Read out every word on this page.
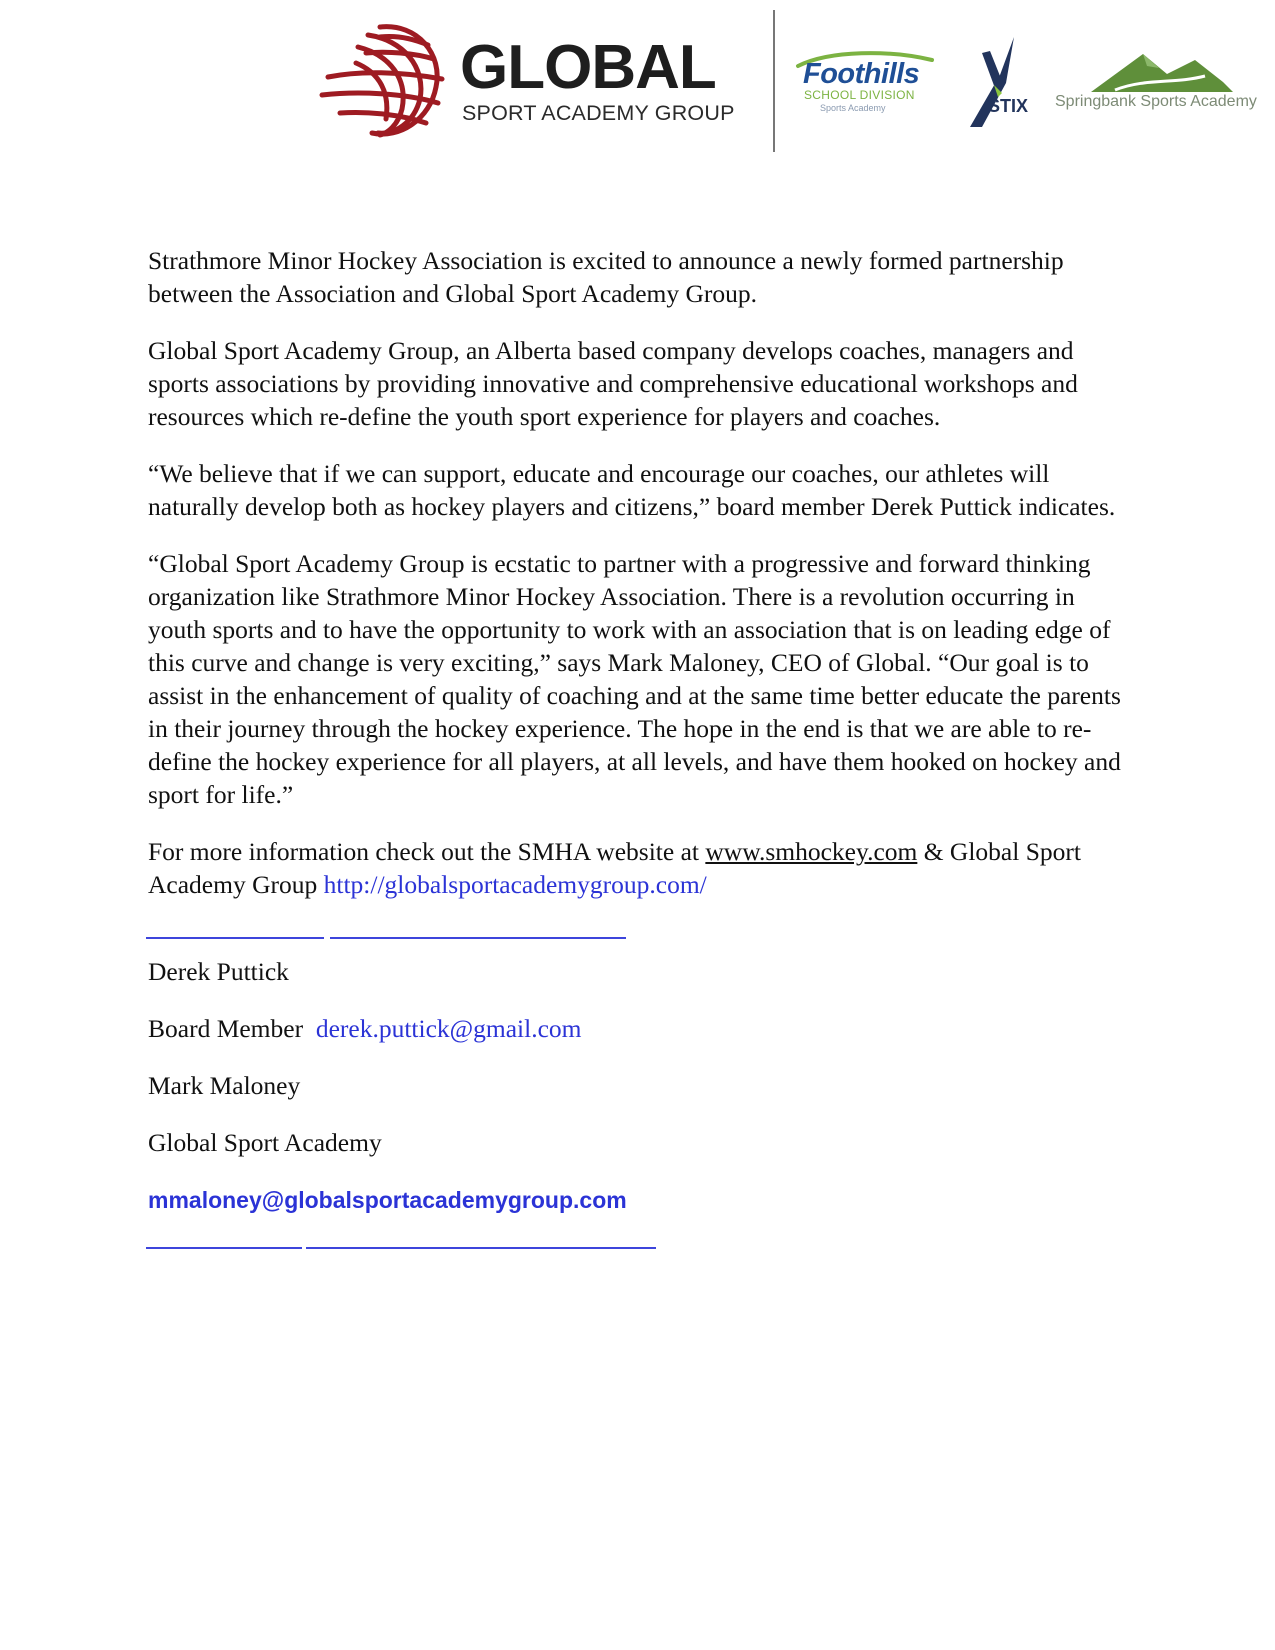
GLOBAL
SPORT ACADEMY GROUP
Foothills
SCHOOL DIVISION
Sports Academy	STIX Springbank Sports Academy

Strathmore Minor Hockey Association is excited to announce a newly formed partnership between the Association and Global Sport Academy Group.

Global Sport Academy Group, an Alberta based company develops coaches, managers and sports associations by providing innovative and comprehensive educational workshops and resources which re-define the youth sport experience for players and coaches.

“We believe that if we can support, educate and encourage our coaches, our athletes will naturally develop both as hockey players and citizens,” board member Derek Puttick indicates.

“Global Sport Academy Group is ecstatic to partner with a progressive and forward thinking organization like Strathmore Minor Hockey Association. There is a revolution occurring in youth sports and to have the opportunity to work with an association that is on leading edge of this curve and change is very exciting,” says Mark Maloney, CEO of Global. “Our goal is to assist in the enhancement of quality of coaching and at the same time better educate the parents in their journey through the hockey experience. The hope in the end is that we are able to re-define the hockey experience for all players, at all levels, and have them hooked on hockey and sport for life.”

For more information check out the SMHA website at www.smhockey.com & Global Sport Academy Group http://globalsportacademygroup.com/

Derek Puttick

Board Member derek.puttick@gmail.com

Mark Maloney

Global Sport Academy

mmaloney@globalsportacademygroup.com
